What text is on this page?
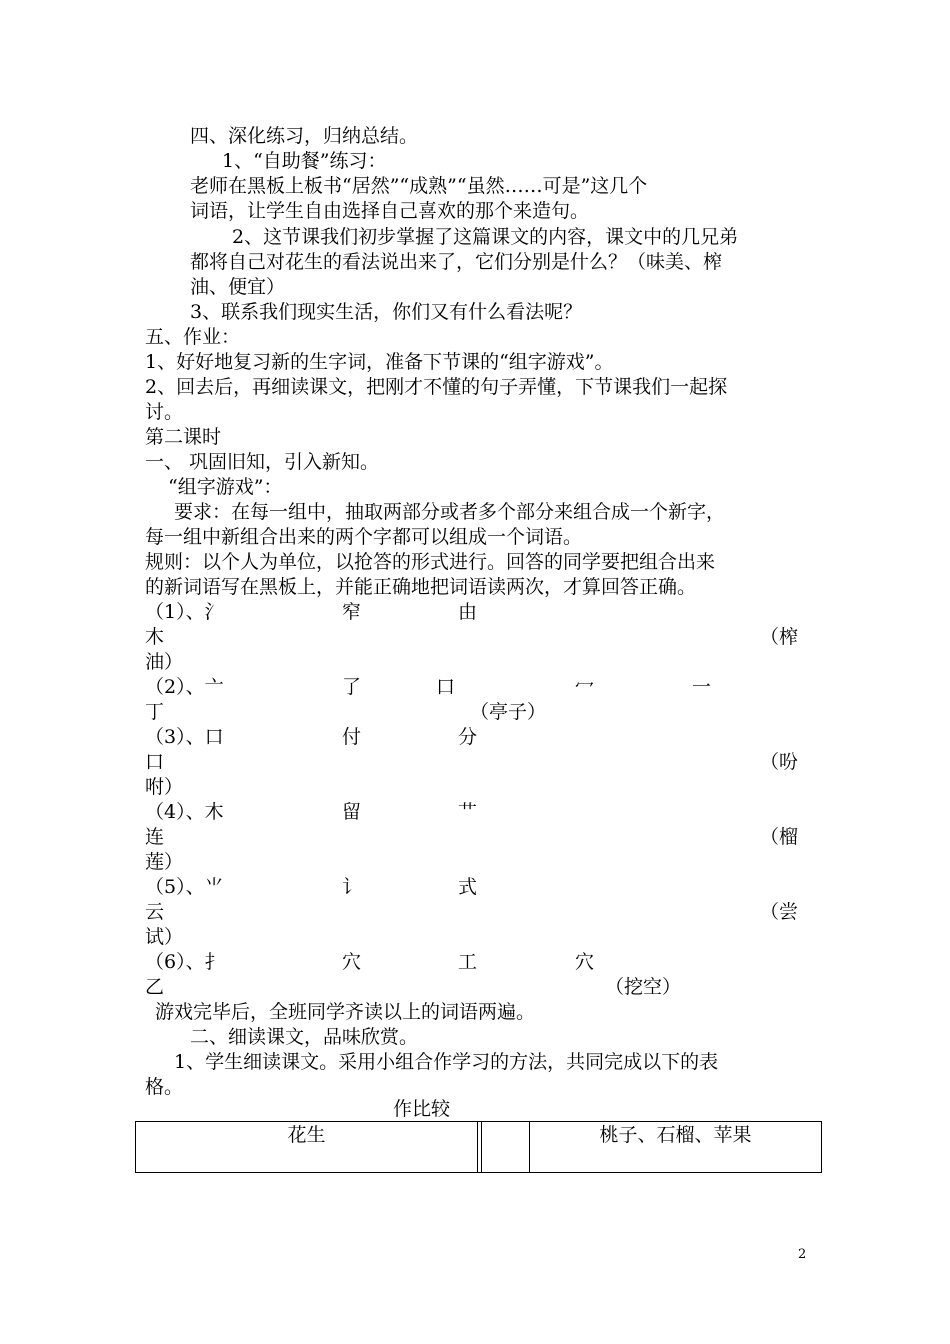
四、深化练习，归纳总结。
1、“自助餐”练习：
老师在黑板上板书“居然”“成熟”“虽然……可是”这几个
词语，让学生自由选择自己喜欢的那个来造句。
2、这节课我们初步掌握了这篇课文的内容，课文中的几兄弟
都将自己对花生的看法说出来了，它们分别是什么？（味美、榨
油、便宜）
3、联系我们现实生活，你们又有什么看法呢？
五、作业：
1、好好地复习新的生字词，准备下节课的“组字游戏”。
2、回去后，再细读课文，把刚才不懂的句子弄懂，下节课我们一起探
讨。
第二课时
一、 巩固旧知，引入新知。
“组字游戏”：
要求：在每一组中，抽取两部分或者多个部分来组合成一个新字，
每一组中新组合出来的两个字都可以组成一个词语。
规则：以个人为单位，以抢答的形式进行。回答的同学要把组合出来
的新词语写在黑板上，并能正确地把词语读两次，才算回答正确。
（1）、氵	窄	由
木	（榨
油）
（2）、亠	了	口	冖	一
丁	（亭子）
（3）、口	付	分
口	（吩
咐）
（4）、木	留	艹
连	（榴
莲）
（5）、⺌	讠	式
云	（尝
试）
（6）、扌	穴	工	穴
乙	（挖空）
游戏完毕后，全班同学齐读以上的词语两遍。
二、细读课文，品味欣赏。
1、学生细读课文。采用小组合作学习的方法，共同完成以下的表
格。
作比较
花生			桃子、石榴、苹果
2
